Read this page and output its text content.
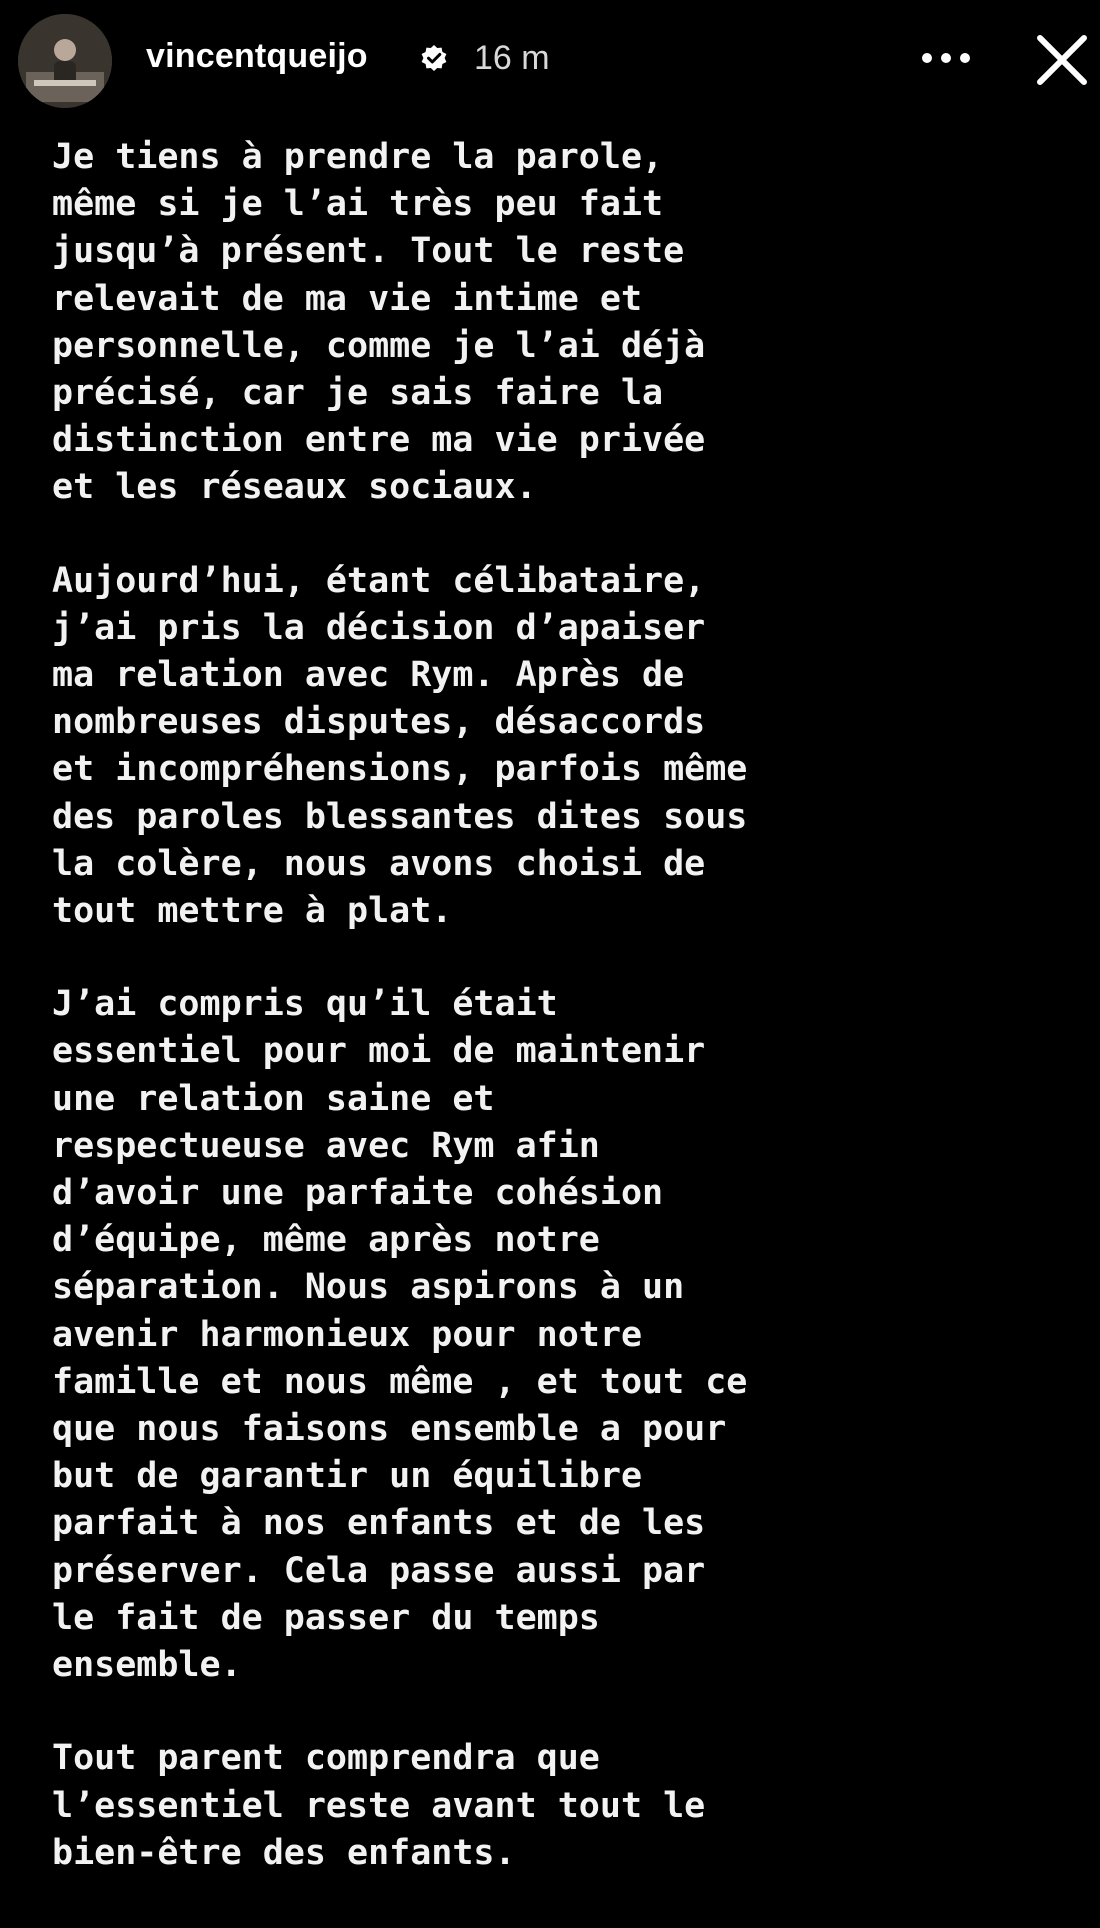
vincentqueijo	16 m

Je tiens à prendre la parole,
même si je l’ai très peu fait
jusqu’à présent. Tout le reste
relevait de ma vie intime et
personnelle, comme je l’ai déjà
précisé, car je sais faire la
distinction entre ma vie privée
et les réseaux sociaux.

Aujourd’hui, étant célibataire,
j’ai pris la décision d’apaiser
ma relation avec Rym. Après de
nombreuses disputes, désaccords
et incompréhensions, parfois même
des paroles blessantes dites sous
la colère, nous avons choisi de
tout mettre à plat.

J’ai compris qu’il était
essentiel pour moi de maintenir
une relation saine et
respectueuse avec Rym afin
d’avoir une parfaite cohésion
d’équipe, même après notre
séparation. Nous aspirons à un
avenir harmonieux pour notre
famille et nous même , et tout ce
que nous faisons ensemble a pour
but de garantir un équilibre
parfait à nos enfants et de les
préserver. Cela passe aussi par
le fait de passer du temps
ensemble.

Tout parent comprendra que
l’essentiel reste avant tout le
bien-être des enfants.
